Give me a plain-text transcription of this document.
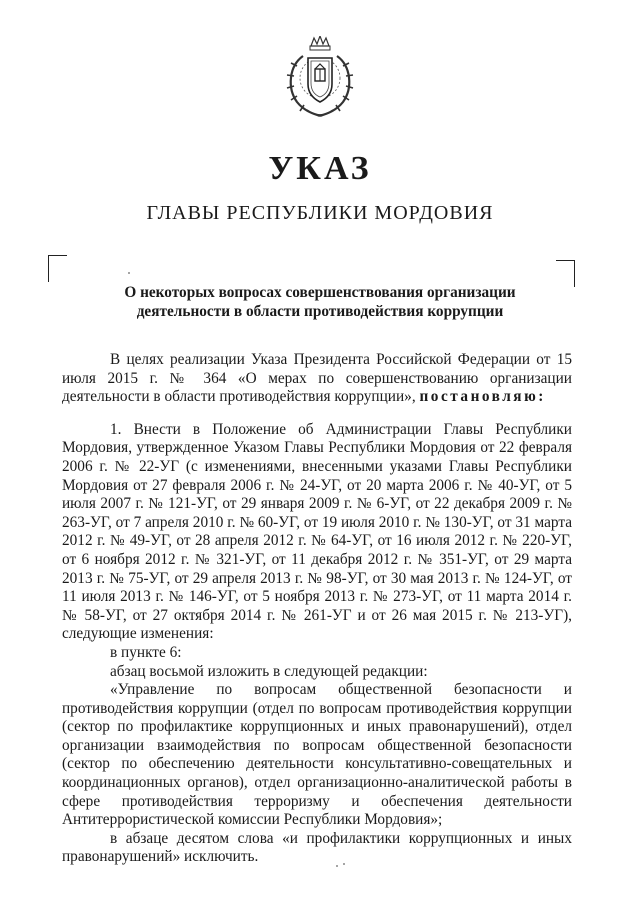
УКАЗ
ГЛАВЫ РЕСПУБЛИКИ МОРДОВИЯ
О некоторых вопросах совершенствования организации
деятельности в области противодействия коррупции

В целях реализации Указа Президента Российской Федерации от 15 июля 2015 г. № 364 «О мерах по совершенствованию организации деятельности в области противодействия коррупции», постановляю:

1. Внести в Положение об Администрации Главы Республики Мордовия, утвержденное Указом Главы Республики Мордовия от 22 февраля 2006 г. № 22-УГ (с изменениями, внесенными указами Главы Республики Мордовия от 27 февраля 2006 г. № 24-УГ, от 20 марта 2006 г. № 40-УГ, от 5 июля 2007 г. № 121-УГ, от 29 января 2009 г. № 6-УГ, от 22 декабря 2009 г. № 263-УГ, от 7 апреля 2010 г. № 60-УГ, от 19 июля 2010 г. № 130-УГ, от 31 марта 2012 г. № 49-УГ, от 28 апреля 2012 г. № 64-УГ, от 16 июля 2012 г. № 220-УГ, от 6 ноября 2012 г. № 321-УГ, от 11 декабря 2012 г. № 351-УГ, от 29 марта 2013 г. № 75-УГ, от 29 апреля 2013 г. № 98-УГ, от 30 мая 2013 г. № 124-УГ, от 11 июля 2013 г. № 146-УГ, от 5 ноября 2013 г. № 273-УГ, от 11 марта 2014 г. № 58-УГ, от 27 октября 2014 г. № 261-УГ и от 26 мая 2015 г. № 213-УГ), следующие изменения:

в пункте 6:

абзац восьмой изложить в следующей редакции:

«Управление по вопросам общественной безопасности и противодействия коррупции (отдел по вопросам противодействия коррупции (сектор по профилактике коррупционных и иных правонарушений), отдел организации взаимодействия по вопросам общественной безопасности (сектор по обеспечению деятельности консультативно-совещательных и координационных органов), отдел организационно-аналитической работы в сфере противодействия терроризму и обеспечения деятельности Антитеррористической комиссии Республики Мордовия»;

в абзаце десятом слова «и профилактики коррупционных и иных правонарушений» исключить.
